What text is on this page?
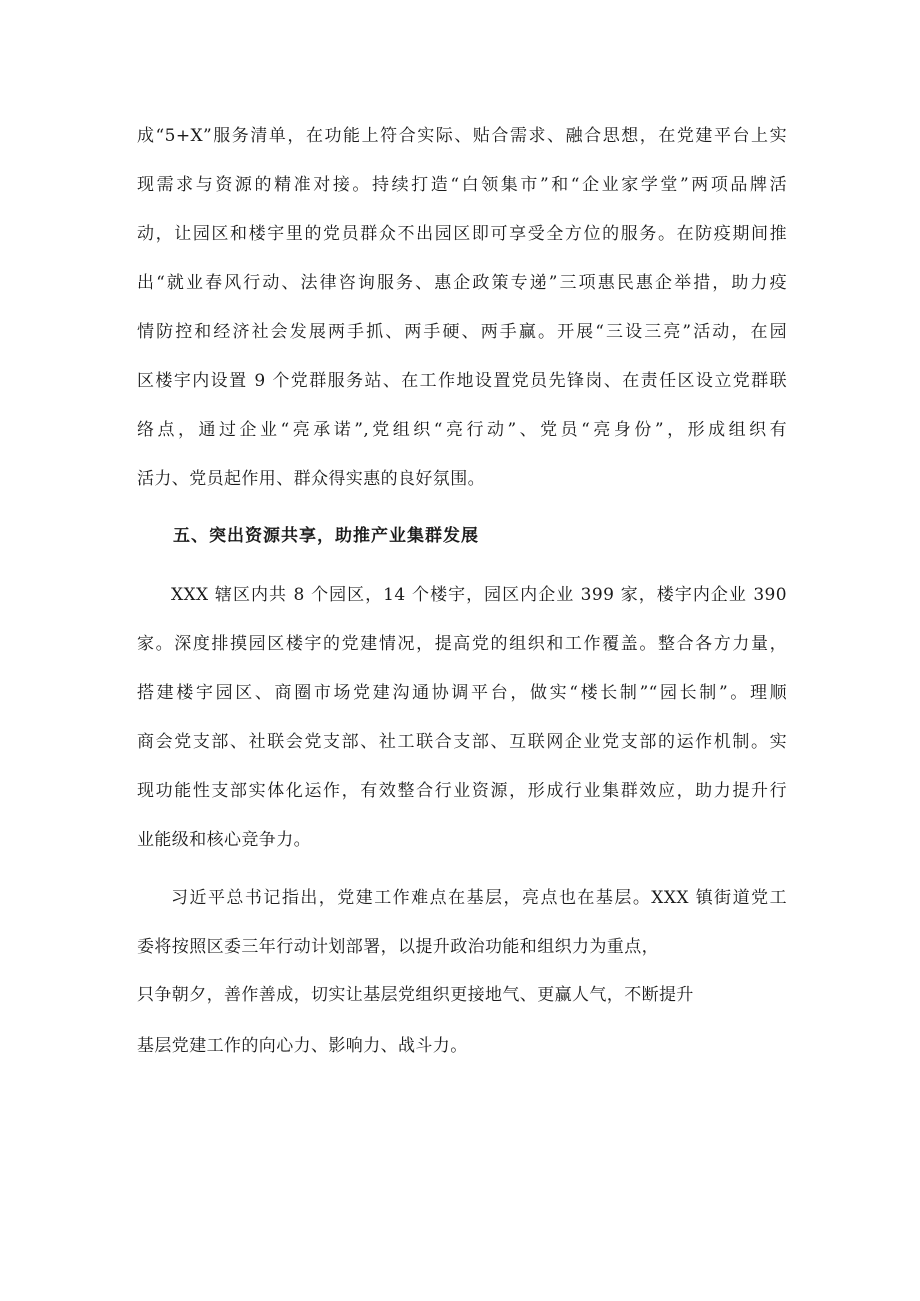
成“5+X”服务清单，在功能上符合实际、贴合需求、融合思想，在党建平台上实
现需求与资源的精准对接。持续打造“白领集市”和“企业家学堂”两项品牌活
动，让园区和楼宇里的党员群众不出园区即可享受全方位的服务。在防疫期间推
出“就业春风行动、法律咨询服务、惠企政策专递”三项惠民惠企举措，助力疫
情防控和经济社会发展两手抓、两手硬、两手赢。开展“三设三亮”活动，在园
区楼宇内设置 9 个党群服务站、在工作地设置党员先锋岗、在责任区设立党群联
络点，通过企业“亮承诺”,党组织“亮行动”、党员“亮身份”，形成组织有
活力、党员起作用、群众得实惠的良好氛围。
五、突出资源共享，助推产业集群发展
XXX 辖区内共 8 个园区，14 个楼宇，园区内企业 399 家，楼宇内企业 390
家。深度排摸园区楼宇的党建情况，提高党的组织和工作覆盖。整合各方力量，
搭建楼宇园区、商圈市场党建沟通协调平台，做实“楼长制”“园长制”。理顺
商会党支部、社联会党支部、社工联合支部、互联网企业党支部的运作机制。实
现功能性支部实体化运作，有效整合行业资源，形成行业集群效应，助力提升行
业能级和核心竞争力。
习近平总书记指出，党建工作难点在基层，亮点也在基层。XXX 镇街道党工
委将按照区委三年行动计划部署，以提升政治功能和组织力为重点，
只争朝夕，善作善成，切实让基层党组织更接地气、更赢人气，不断提升
基层党建工作的向心力、影响力、战斗力。
